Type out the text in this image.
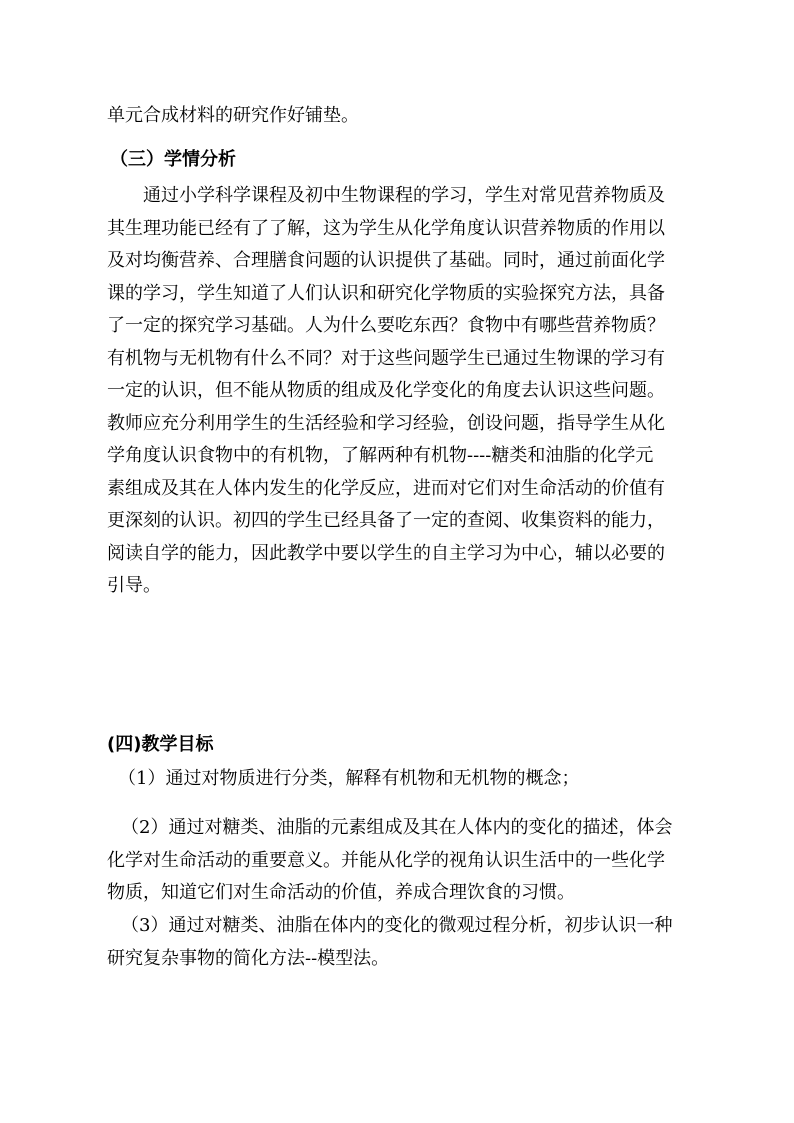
单元合成材料的研究作好铺垫。
（三）学情分析
通过小学科学课程及初中生物课程的学习，学生对常见营养物质及
其生理功能已经有了了解，这为学生从化学角度认识营养物质的作用以
及对均衡营养、合理膳食问题的认识提供了基础。同时，通过前面化学
课的学习，学生知道了人们认识和研究化学物质的实验探究方法，具备
了一定的探究学习基础。人为什么要吃东西？食物中有哪些营养物质？
有机物与无机物有什么不同？对于这些问题学生已通过生物课的学习有
一定的认识，但不能从物质的组成及化学变化的角度去认识这些问题。
教师应充分利用学生的生活经验和学习经验，创设问题，指导学生从化
学角度认识食物中的有机物，了解两种有机物----糖类和油脂的化学元
素组成及其在人体内发生的化学反应，进而对它们对生命活动的价值有
更深刻的认识。初四的学生已经具备了一定的查阅、收集资料的能力，
阅读自学的能力，因此教学中要以学生的自主学习为中心，辅以必要的
引导。
(四)教学目标
（1）通过对物质进行分类，解释有机物和无机物的概念；
（2）通过对糖类、油脂的元素组成及其在人体内的变化的描述，体会
化学对生命活动的重要意义。并能从化学的视角认识生活中的一些化学
物质，知道它们对生命活动的价值，养成合理饮食的习惯。
（3）通过对糖类、油脂在体内的变化的微观过程分析，初步认识一种
研究复杂事物的简化方法--模型法。
